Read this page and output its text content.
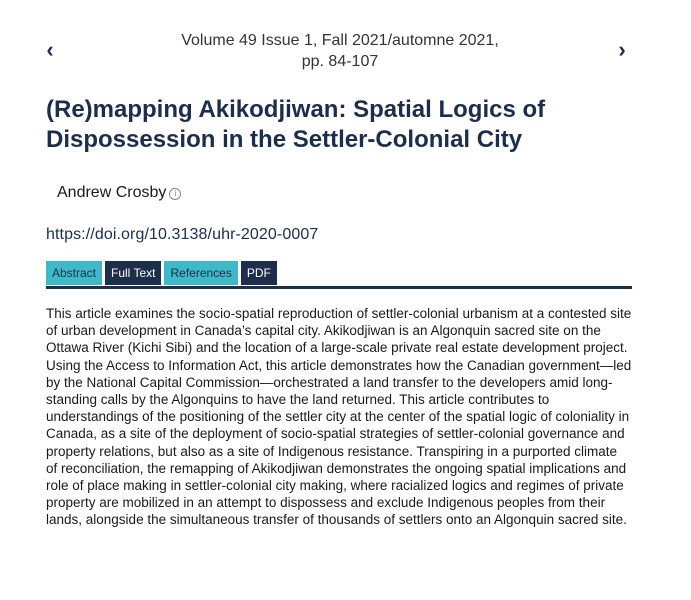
‹	Volume 49 Issue 1, Fall 2021/automne 2021,
pp. 84-107	›
(Re)mapping Akikodjiwan: Spatial Logics of
Dispossession in the Settler-Colonial City
Andrew Crosby i
https://doi.org/10.3138/uhr-2020-0007
Abstract	Full Text	References	PDF

This article examines the socio-spatial reproduction of settler-colonial urbanism at a contested site of urban development in Canada’s capital city. Akikodjiwan is an Algonquin sacred site on the Ottawa River (Kichi Sibi) and the location of a large-scale private real estate development project. Using the Access to Information Act, this article demonstrates how the Canadian government—led by the National Capital Commission—orchestrated a land transfer to the developers amid long-standing calls by the Algonquins to have the land returned. This article contributes to understandings of the positioning of the settler city at the center of the spatial logic of coloniality in Canada, as a site of the deployment of socio-spatial strategies of settler-colonial governance and property relations, but also as a site of Indigenous resistance. Transpiring in a purported climate of reconciliation, the remapping of Akikodjiwan demonstrates the ongoing spatial implications and role of place making in settler-colonial city making, where racialized logics and regimes of private property are mobilized in an attempt to dispossess and exclude Indigenous peoples from their lands, alongside the simultaneous transfer of thousands of settlers onto an Algonquin sacred site.
